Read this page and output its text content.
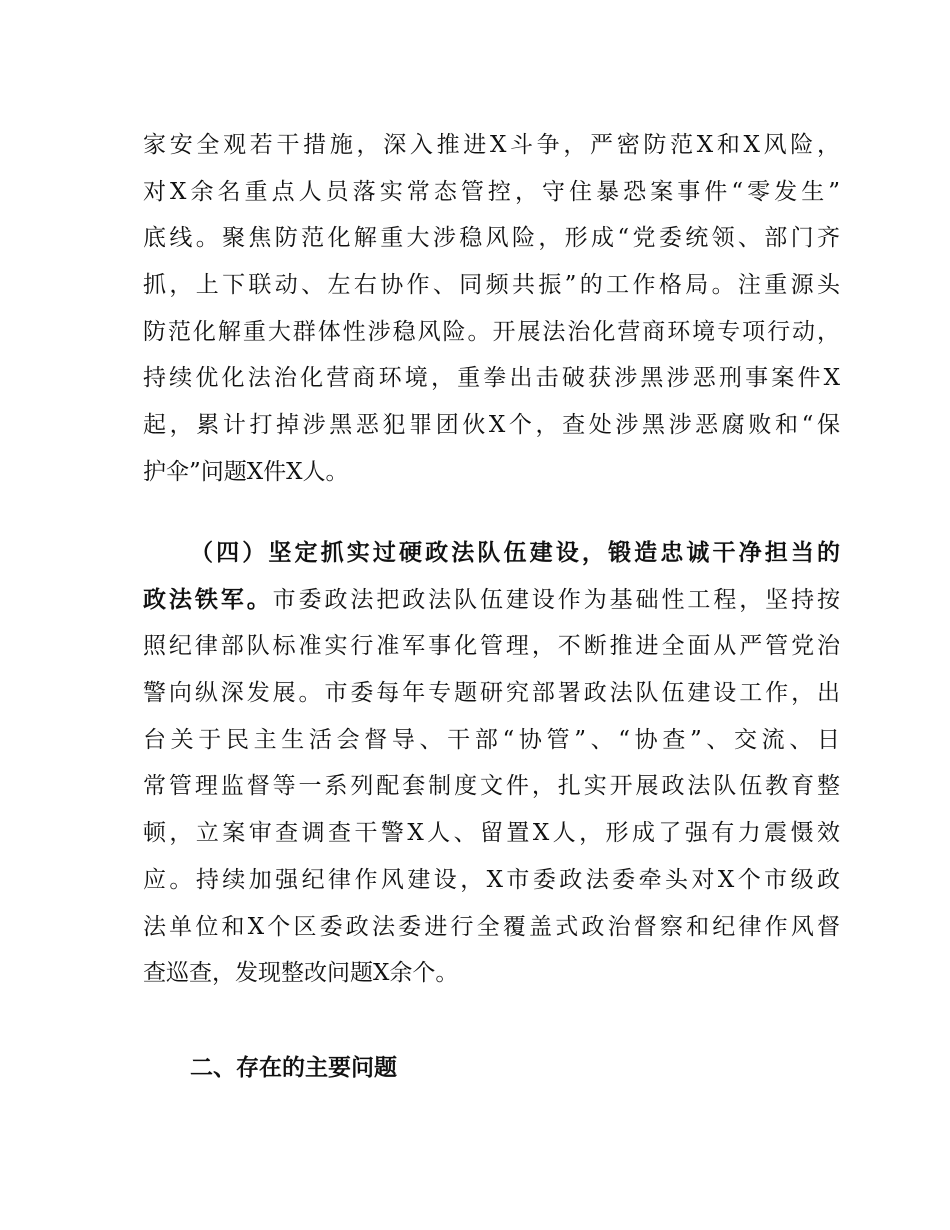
家安全观若干措施，深入推进X斗争，严密防范X和X风险，
对X余名重点人员落实常态管控，守住暴恐案事件“零发生”
底线。聚焦防范化解重大涉稳风险，形成“党委统领、部门齐
抓，上下联动、左右协作、同频共振”的工作格局。注重源头
防范化解重大群体性涉稳风险。开展法治化营商环境专项行动，
持续优化法治化营商环境，重拳出击破获涉黑涉恶刑事案件X
起，累计打掉涉黑恶犯罪团伙X个，查处涉黑涉恶腐败和“保
护伞”问题X件X人。
（四）坚定抓实过硬政法队伍建设，锻造忠诚干净担当的
政法铁军。市委政法把政法队伍建设作为基础性工程，坚持按
照纪律部队标准实行准军事化管理，不断推进全面从严管党治
警向纵深发展。市委每年专题研究部署政法队伍建设工作，出
台关于民主生活会督导、干部“协管”、“协查”、交流、日
常管理监督等一系列配套制度文件，扎实开展政法队伍教育整
顿，立案审查调查干警X人、留置X人，形成了强有力震慑效
应。持续加强纪律作风建设，X市委政法委牵头对X个市级政
法单位和X个区委政法委进行全覆盖式政治督察和纪律作风督
查巡查，发现整改问题X余个。
二、存在的主要问题
